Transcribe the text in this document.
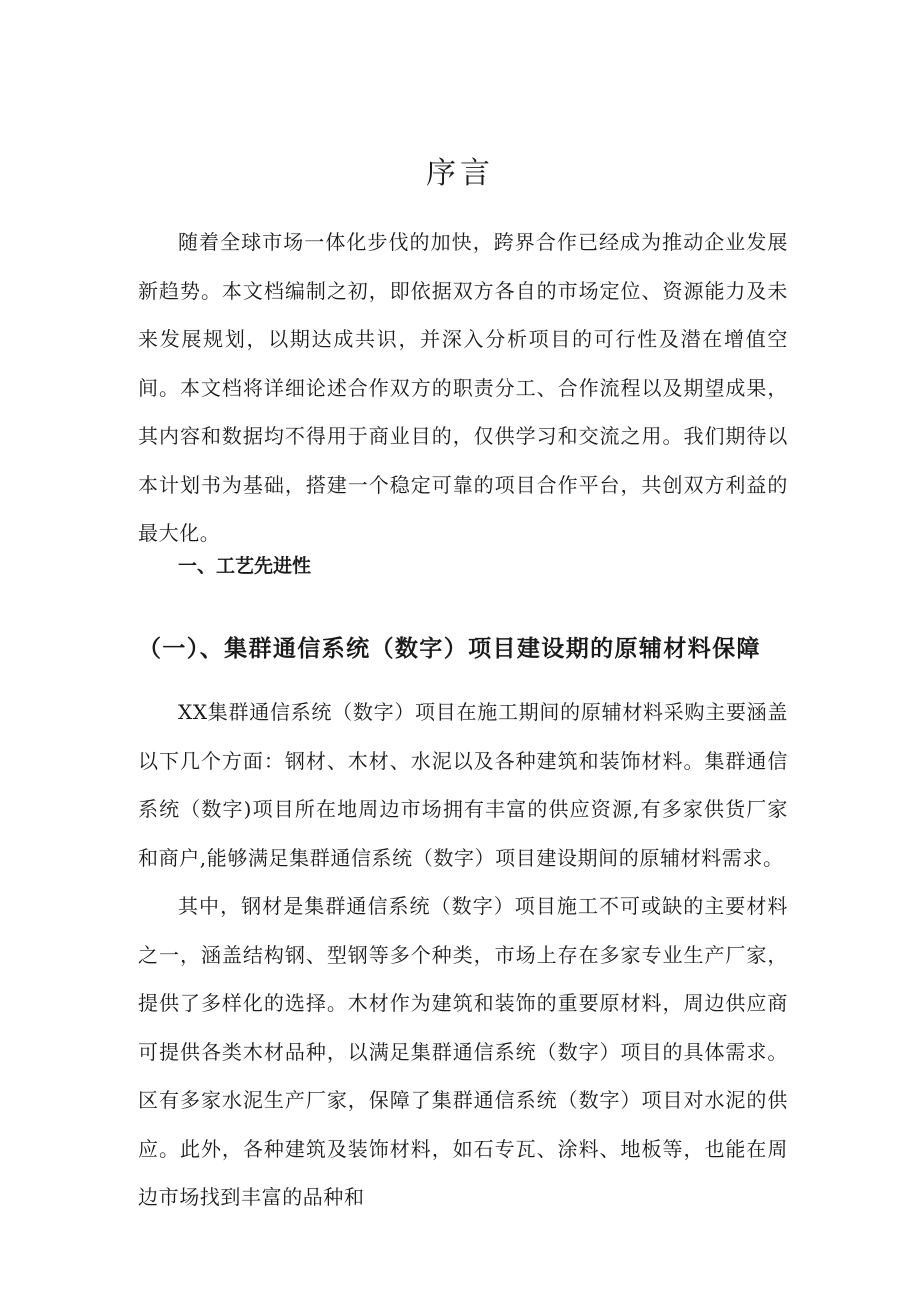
序言

随着全球市场一体化步伐的加快，跨界合作已经成为推动企业发展新趋势。本文档编制之初，即依据双方各自的市场定位、资源能力及未来发展规划，以期达成共识，并深入分析项目的可行性及潜在增值空间。本文档将详细论述合作双方的职责分工、合作流程以及期望成果，其内容和数据均不得用于商业目的，仅供学习和交流之用。我们期待以本计划书为基础，搭建一个稳定可靠的项目合作平台，共创双方利益的最大化。

一、工艺先进性
（一）、集群通信系统（数字）项目建设期的原辅材料保障

XX集群通信系统（数字）项目在施工期间的原辅材料采购主要涵盖以下几个方面：钢材、木材、水泥以及各种建筑和装饰材料。集群通信系统（数字)项目所在地周边市场拥有丰富的供应资源,有多家供货厂家和商户,能够满足集群通信系统（数字）项目建设期间的原辅材料需求。

其中，钢材是集群通信系统（数字）项目施工不可或缺的主要材料之一，涵盖结构钢、型钢等多个种类，市场上存在多家专业生产厂家，提供了多样化的选择。木材作为建筑和装饰的重要原材料，周边供应商可提供各类木材品种，以满足集群通信系统（数字）项目的具体需求。区有多家水泥生产厂家，保障了集群通信系统（数字）项目对水泥的供应。此外，各种建筑及装饰材料，如石专瓦、涂料、地板等，也能在周边市场找到丰富的品种和
